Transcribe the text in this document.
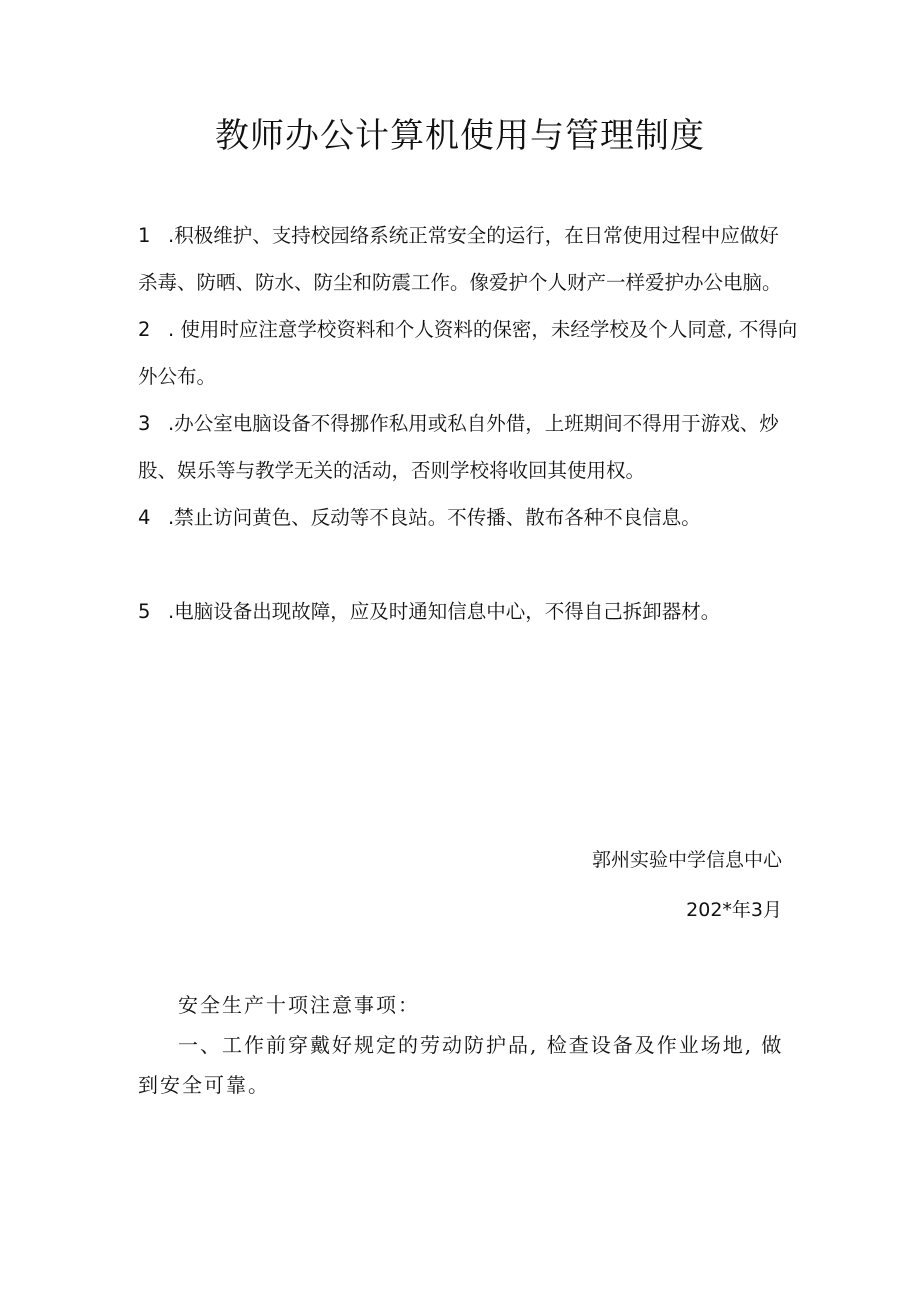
教师办公计算机使用与管理制度

1 .积极维护、支持校园络系统正常安全的运行，在日常使用过程中应做好杀毒、防晒、防水、防尘和防震工作。像爱护个人财产一样爱护办公电脑。

2 . 使用时应注意学校资料和个人资料的保密，未经学校及个人同意, 不得向外公布。

3 .办公室电脑设备不得挪作私用或私自外借，上班期间不得用于游戏、炒股、娱乐等与教学无关的活动，否则学校将收回其使用权。

4 .禁止访问黄色、反动等不良站。不传播、散布各种不良信息。

5 .电脑设备出现故障，应及时通知信息中心，不得自己拆卸器材。

郭州实验中学信息中心
202*年3月

安全生产十项注意事项：

一、工作前穿戴好规定的劳动防护品, 检查设备及作业场地, 做到安全可靠。
